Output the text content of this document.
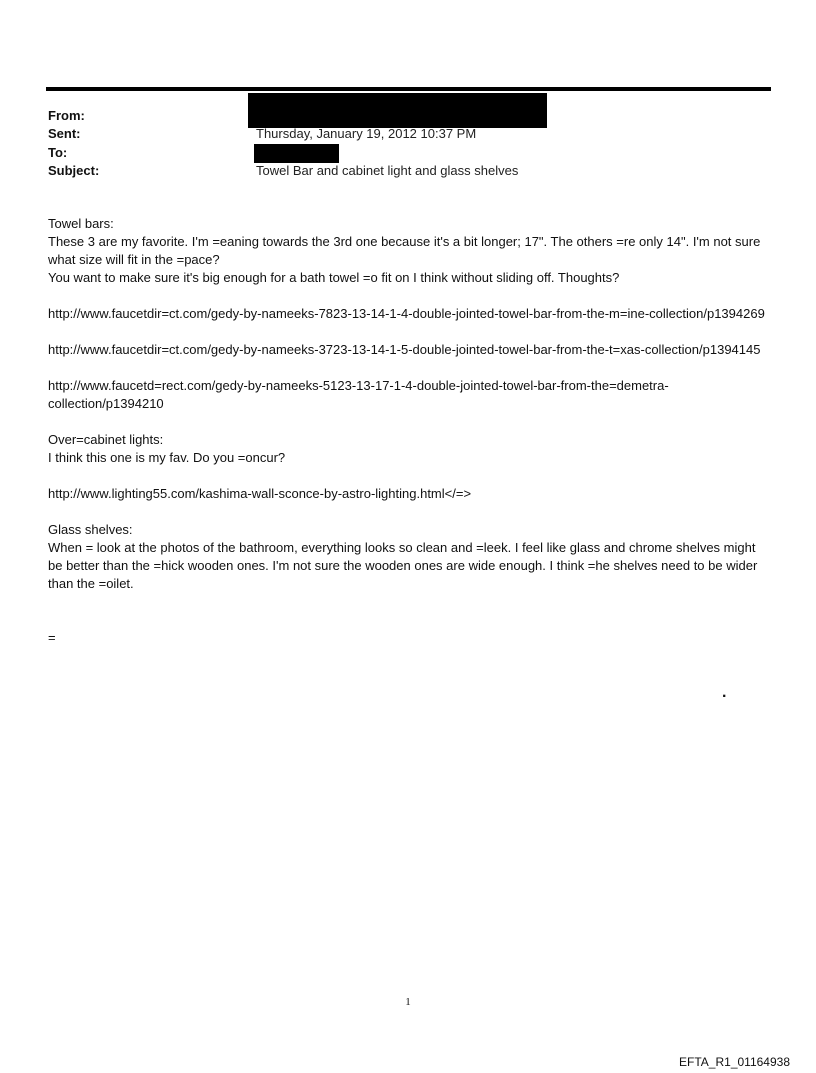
From:
Sent:
To:
Subject:
Thursday, January 19, 2012 10:37 PM
Towel Bar and cabinet light and glass shelves

Towel bars:
These 3 are my favorite. I'm =eaning towards the 3rd one because it's a bit longer; 17". The others =re only 14". I'm not sure what size will fit in the =pace?
You want to make sure it's big enough for a bath towel =o fit on I think without sliding off. Thoughts?

http://www.faucetdir=ct.com/gedy-by-nameeks-7823-13-14-1-4-double-jointed-towel-bar-from-the-m=ine-collection/p1394269

http://www.faucetdir=ct.com/gedy-by-nameeks-3723-13-14-1-5-double-jointed-towel-bar-from-the-t=xas-collection/p1394145

http://www.faucetd=rect.com/gedy-by-nameeks-5123-13-17-1-4-double-jointed-towel-bar-from-the=demetra-collection/p1394210

Over=cabinet lights:
I think this one is my fav. Do you =oncur?

http://www.lighting55.com/kashima-wall-sconce-by-astro-lighting.html</=>

Glass shelves:
When = look at the photos of the bathroom, everything looks so clean and =leek. I feel like glass and chrome shelves might be better than the =hick wooden ones. I'm not sure the wooden ones are wide enough. I think =he shelves need to be wider than the =oilet.

=

.
1
EFTA_R1_01164938
